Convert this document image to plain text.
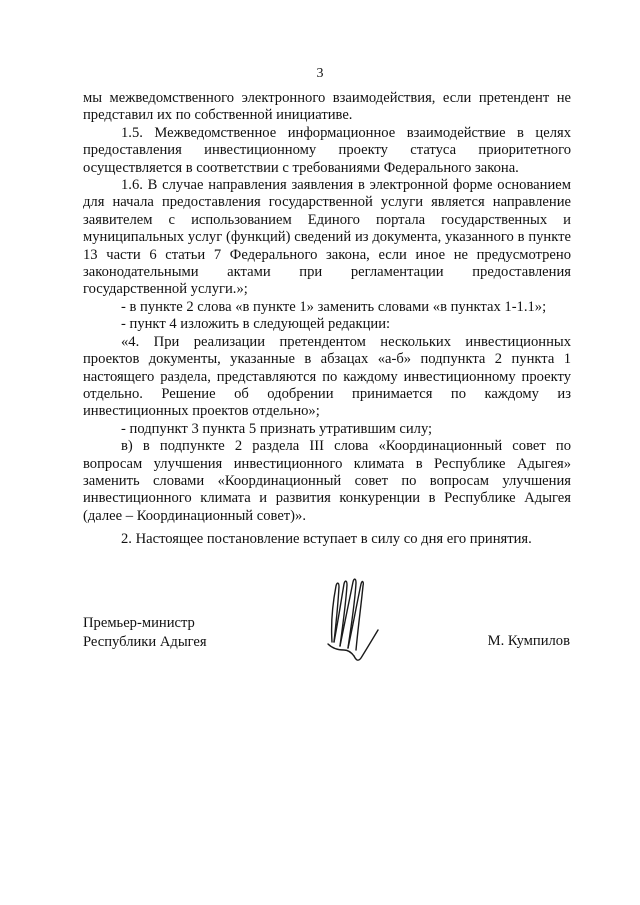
3

мы межведомственного электронного взаимодействия, если претендент не представил их по собственной инициативе.

1.5. Межведомственное информационное взаимодействие в целях предоставления инвестиционному проекту статуса приоритетного осуществляется в соответствии с требованиями Федерального закона.

1.6. В случае направления заявления в электронной форме основанием для начала предоставления государственной услуги является направление заявителем с использованием Единого портала государственных и муниципальных услуг (функций) сведений из документа, указанного в пункте 13 части 6 статьи 7 Федерального закона, если иное не предусмотрено законодательными актами при регламентации предоставления государственной услуги.»;

- в пункте 2 слова «в пункте 1» заменить словами «в пунктах 1-1.1»;

- пункт 4 изложить в следующей редакции:

«4. При реализации претендентом нескольких инвестиционных проектов документы, указанные в абзацах «а-б» подпункта 2 пункта 1 настоящего раздела, представляются по каждому инвестиционному проекту отдельно. Решение об одобрении принимается по каждому из инвестиционных проектов отдельно»;

- подпункт 3 пункта 5 признать утратившим силу;

в) в подпункте 2 раздела III слова «Координационный совет по вопросам улучшения инвестиционного климата в Республике Адыгея» заменить словами «Координационный совет по вопросам улучшения инвестиционного климата и развития конкуренции в Республике Адыгея (далее – Координационный совет)».

2. Настоящее постановление вступает в силу со дня его принятия.
Премьер-министр
Республики Адыгея	М. Кумпилов
